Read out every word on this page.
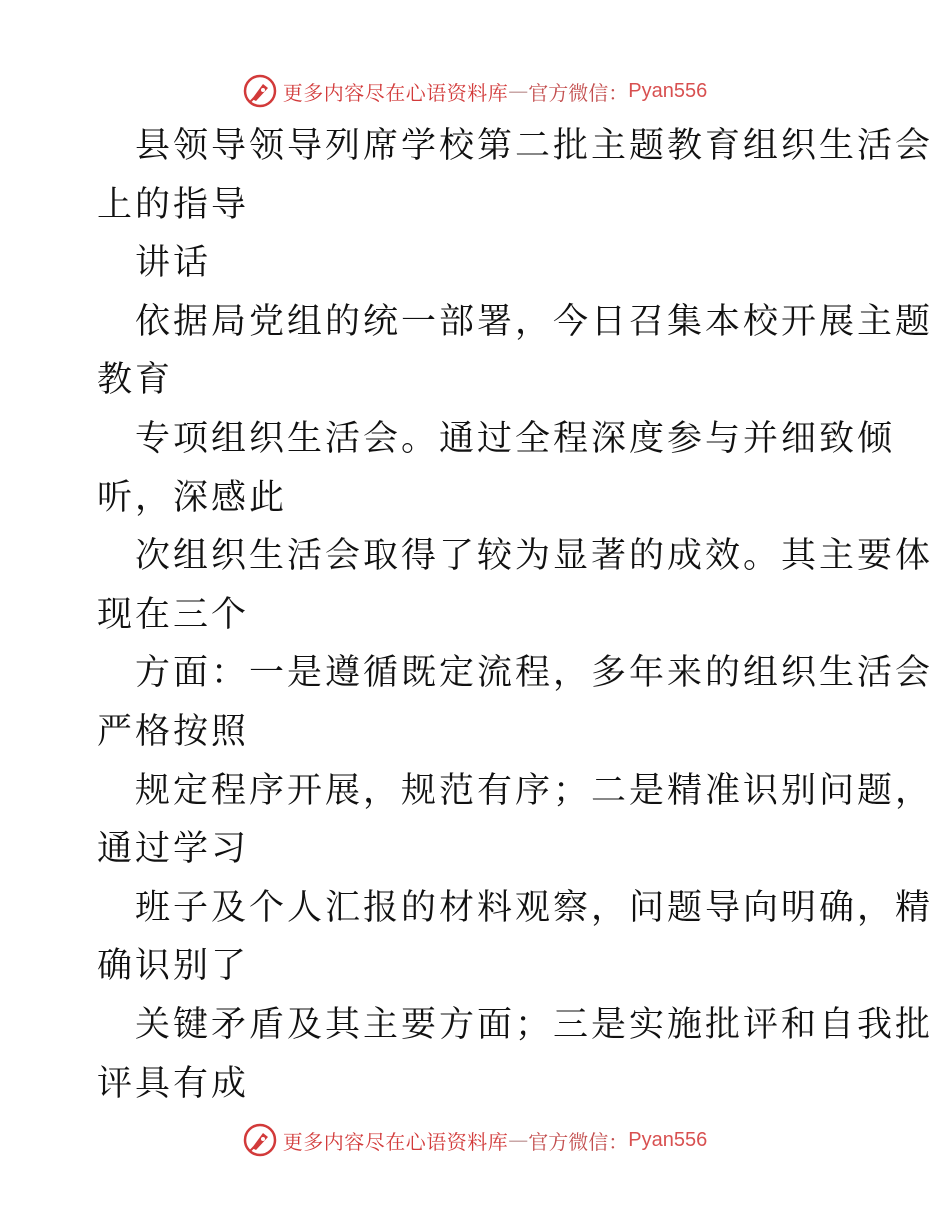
更多内容尽在心语资料库 — 官方微信： Pyan556
县领导领导列席学校第二批主题教育组织生活会
上的指导
讲话
依据局党组的统一部署，今日召集本校开展主题
教育
专项组织生活会。通过全程深度参与并细致倾
听，深感此
次组织生活会取得了较为显著的成效。其主要体
现在三个
方面：一是遵循既定流程，多年来的组织生活会
严格按照
规定程序开展，规范有序；二是精准识别问题，
通过学习
班子及个人汇报的材料观察，问题导向明确，精
确识别了
关键矛盾及其主要方面；三是实施批评和自我批
评具有成
更多内容尽在心语资料库 — 官方微信： Pyan556
